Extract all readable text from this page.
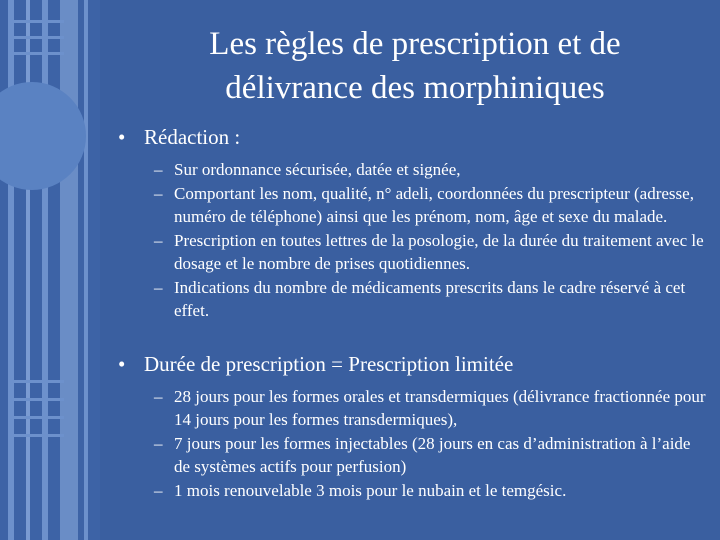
Les règles de prescription et de
délivrance des morphiniques
• Rédaction :
– Sur ordonnance sécurisée, datée et signée,
– Comportant les nom, qualité, n° adeli, coordonnées du prescripteur (adresse, numéro de téléphone) ainsi que les prénom, nom, âge et sexe du malade.
– Prescription en toutes lettres de la posologie, de la durée du traitement avec le dosage et le nombre de prises quotidiennes.
– Indications du nombre de médicaments prescrits dans le cadre réservé à cet effet.
• Durée de prescription = Prescription limitée
– 28 jours pour les formes orales et transdermiques (délivrance fractionnée pour 14 jours pour les formes transdermiques),
– 7 jours pour les formes injectables (28 jours en cas d’administration à l’aide de systèmes actifs pour perfusion)
– 1 mois renouvelable 3 mois pour le nubain et le temgésic.
